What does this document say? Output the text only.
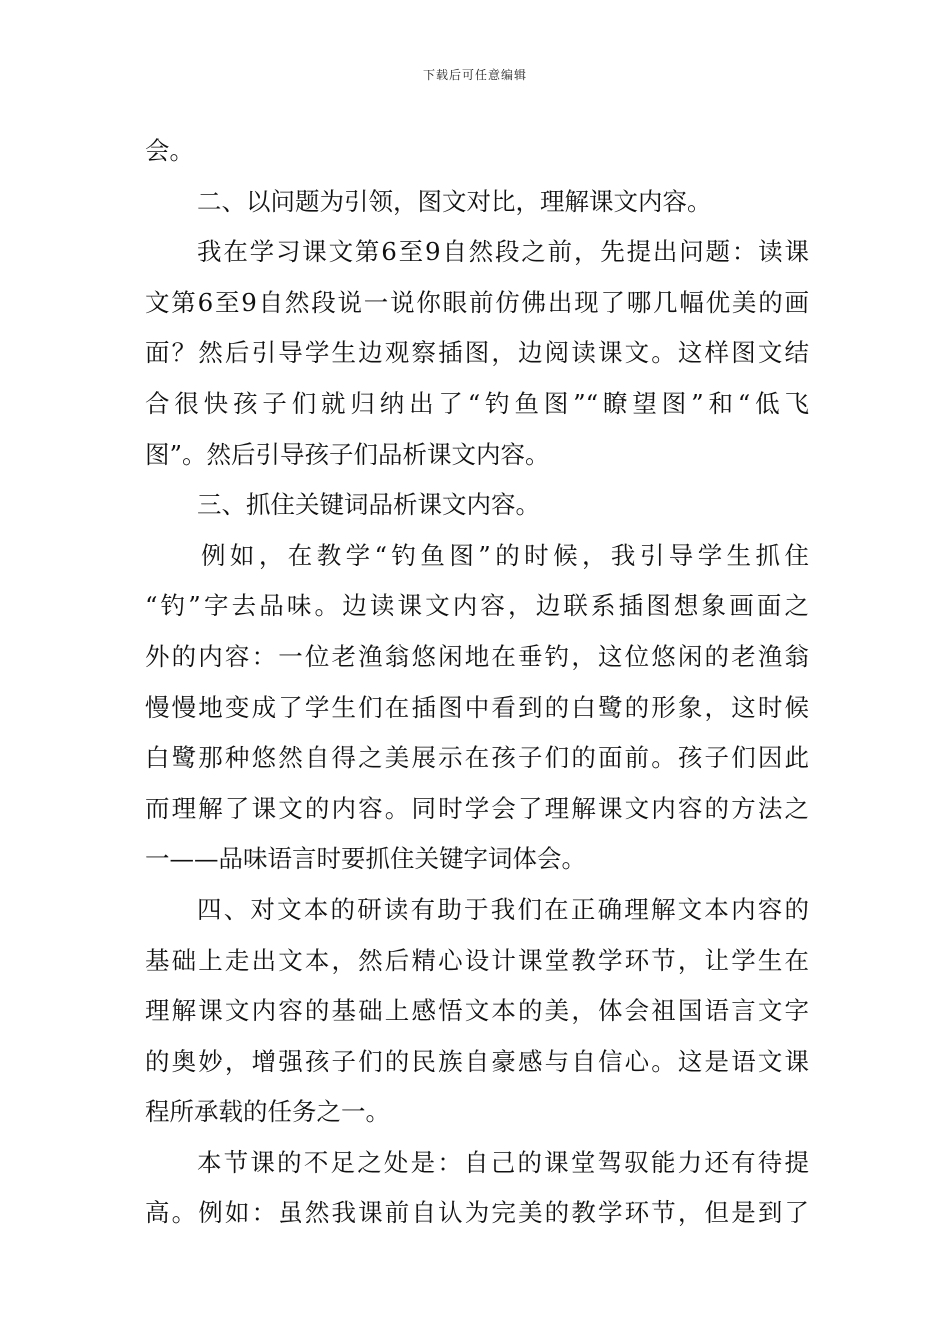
下载后可任意编辑
会。
二、以问题为引领，图文对比，理解课文内容。
我在学习课文第6至9自然段之前，先提出问题：读课
文第6至9自然段说一说你眼前仿佛出现了哪几幅优美的画
面？然后引导学生边观察插图，边阅读课文。这样图文结
合很快孩子们就归纳出了“钓鱼图”“瞭望图”和“低飞
图”。然后引导孩子们品析课文内容。
三、抓住关键词品析课文内容。
例如，在教学“钓鱼图”的时候，我引导学生抓住
“钓”字去品味。边读课文内容，边联系插图想象画面之
外的内容：一位老渔翁悠闲地在垂钓，这位悠闲的老渔翁
慢慢地变成了学生们在插图中看到的白鹭的形象，这时候
白鹭那种悠然自得之美展示在孩子们的面前。孩子们因此
而理解了课文的内容。同时学会了理解课文内容的方法之
一——品味语言时要抓住关键字词体会。
四、对文本的研读有助于我们在正确理解文本内容的
基础上走出文本，然后精心设计课堂教学环节，让学生在
理解课文内容的基础上感悟文本的美，体会祖国语言文字
的奥妙，增强孩子们的民族自豪感与自信心。这是语文课
程所承载的任务之一。
本节课的不足之处是：自己的课堂驾驭能力还有待提
高。例如：虽然我课前自认为完美的教学环节，但是到了
